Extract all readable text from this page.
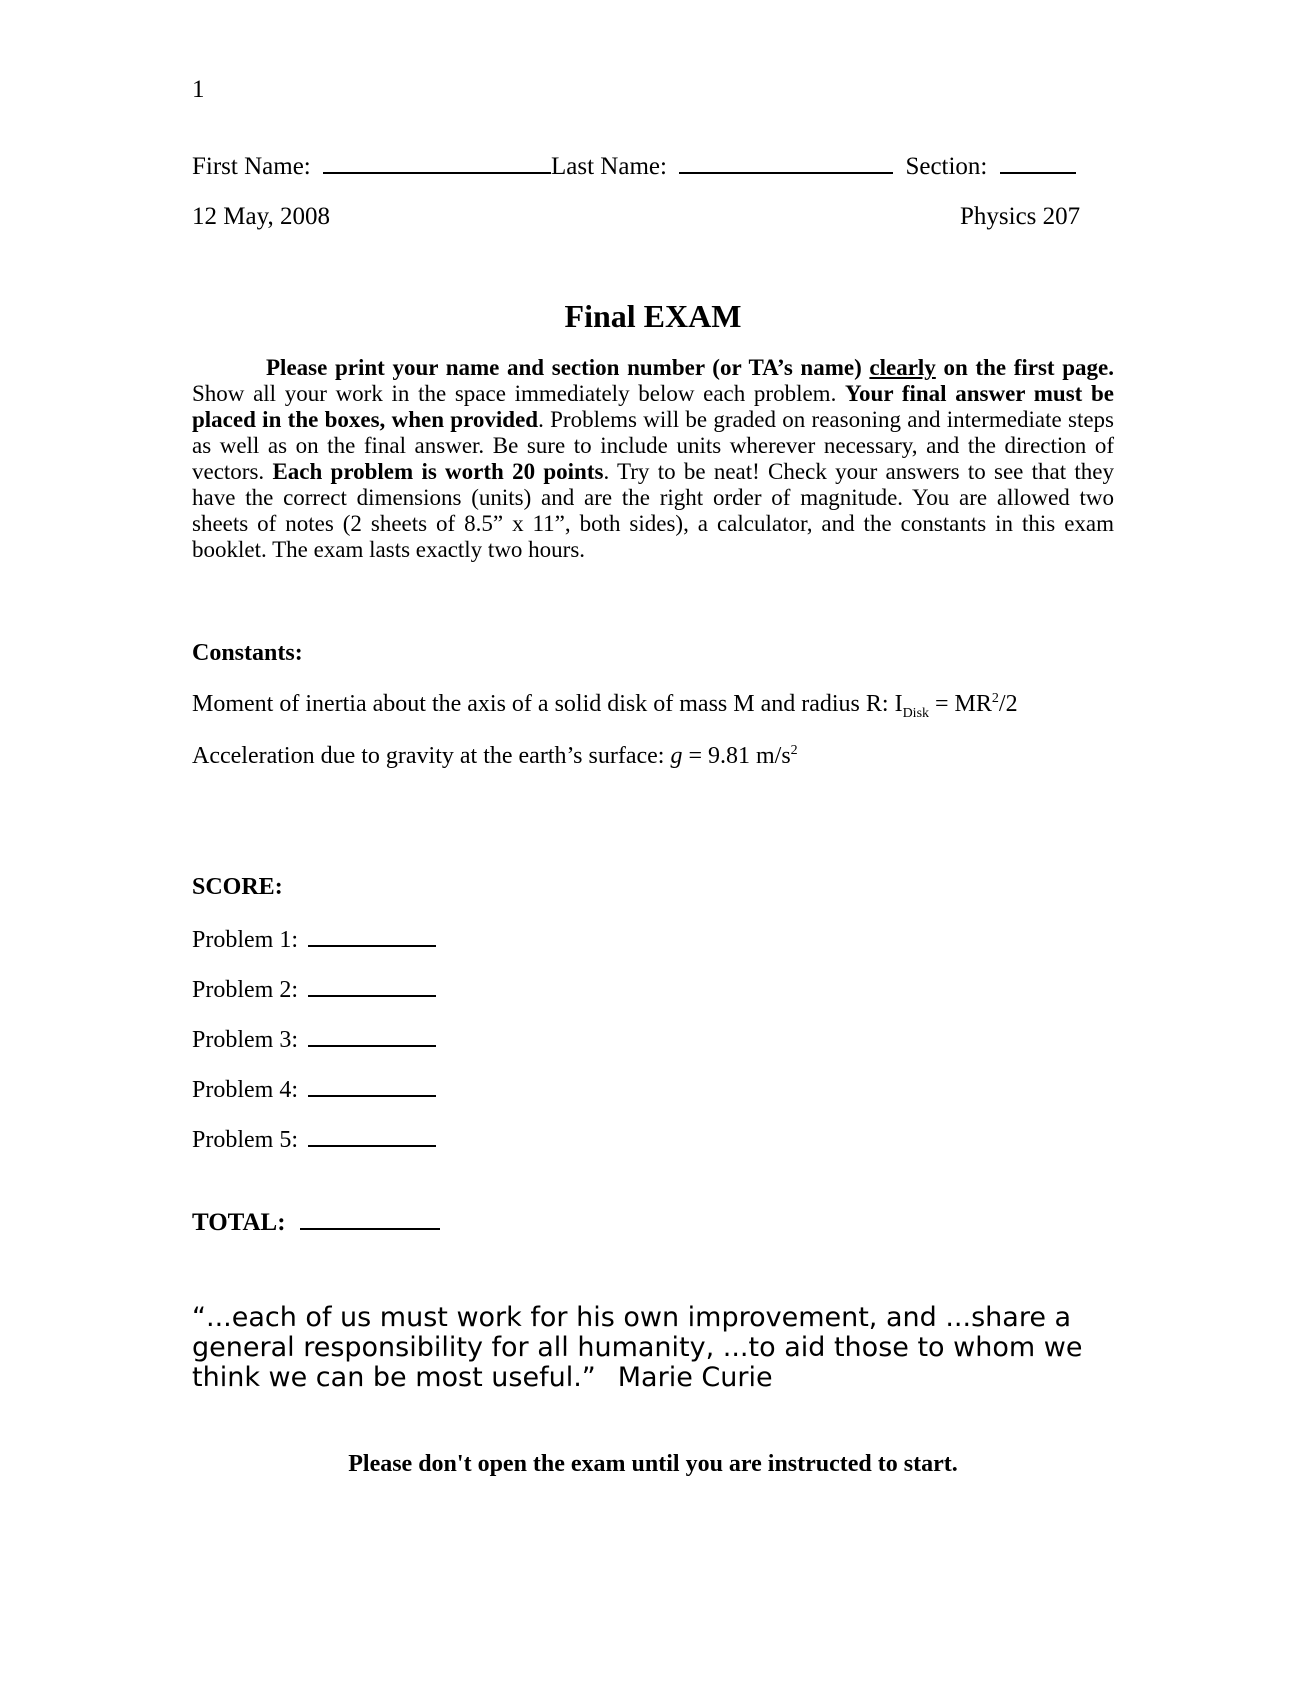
1
First Name:	Last Name:	Section:
12 May, 2008	Physics 207
Final EXAM
Please print your name and section number (or TA’s name) clearly on the first page. Show all your work in the space immediately below each problem. Your final answer must be placed in the boxes, when provided. Problems will be graded on reasoning and intermediate steps as well as on the final answer. Be sure to include units wherever necessary, and the direction of vectors. Each problem is worth 20 points. Try to be neat! Check your answers to see that they have the correct dimensions (units) and are the right order of magnitude. You are allowed two sheets of notes (2 sheets of 8.5” x 11”, both sides), a calculator, and the constants in this exam booklet. The exam lasts exactly two hours.
Constants:
Moment of inertia about the axis of a solid disk of mass M and radius R: $I_{Disk} = MR^2/2$
Acceleration due to gravity at the earth’s surface: g = 9.81 $m/s^2$
SCORE:
Problem 1:
Problem 2:
Problem 3:
Problem 4:
Problem 5:
TOTAL:
“...each of us must work for his own improvement, and ...share a general responsibility for all humanity, ...to aid those to whom we think we can be most useful.” Marie Curie
Please don't open the exam until you are instructed to start.
